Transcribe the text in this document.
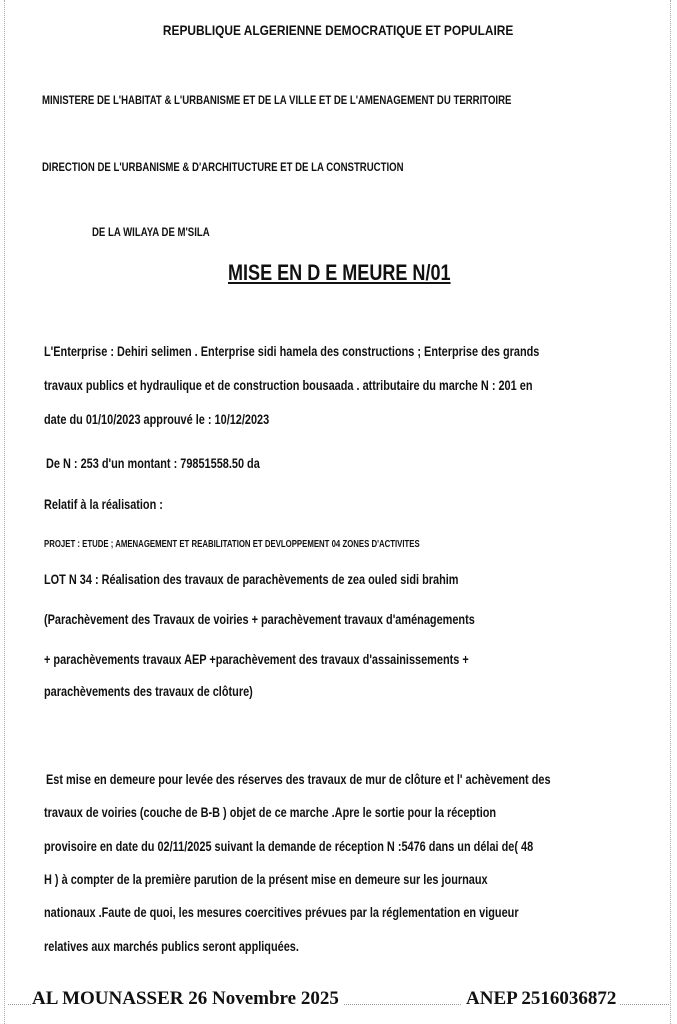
REPUBLIQUE ALGERIENNE DEMOCRATIQUE ET POPULAIRE
MINISTERE DE L'HABITAT & L'URBANISME ET DE LA VILLE ET DE L'AMENAGEMENT DU TERRITOIRE
DIRECTION DE L'URBANISME & D'ARCHITUCTURE ET DE LA CONSTRUCTION
DE LA WILAYA DE M'SILA
MISE EN D E MEURE N/01
L'Enterprise : Dehiri selimen . Enterprise sidi hamela des constructions ; Enterprise des grands
travaux publics et hydraulique et de construction bousaada . attributaire du marche N : 201 en
date du 01/10/2023 approuvé le : 10/12/2023
De N : 253 d'un montant : 79851558.50 da
Relatif à la réalisation :
PROJET : ETUDE ; AMENAGEMENT ET REABILITATION ET DEVLOPPEMENT 04 ZONES D'ACTIVITES
LOT N 34 : Réalisation des travaux de parachèvements de zea ouled sidi brahim
(Parachèvement des Travaux de voiries + parachèvement travaux d'aménagements
+ parachèvements travaux AEP +parachèvement des travaux d'assainissements +
parachèvements des travaux de clôture)
Est mise en demeure pour levée des réserves des travaux de mur de clôture et l' achèvement des
travaux de voiries (couche de B-B ) objet de ce marche .Apre le sortie pour la réception
provisoire en date du 02/11/2025 suivant la demande de réception N :5476 dans un délai de( 48
H ) à compter de la première parution de la présent mise en demeure sur les journaux
nationaux .Faute de quoi, les mesures coercitives prévues par la réglementation en vigueur
relatives aux marchés publics seront appliquées.
AL MOUNASSER 26 Novembre 2025	ANEP 2516036872
